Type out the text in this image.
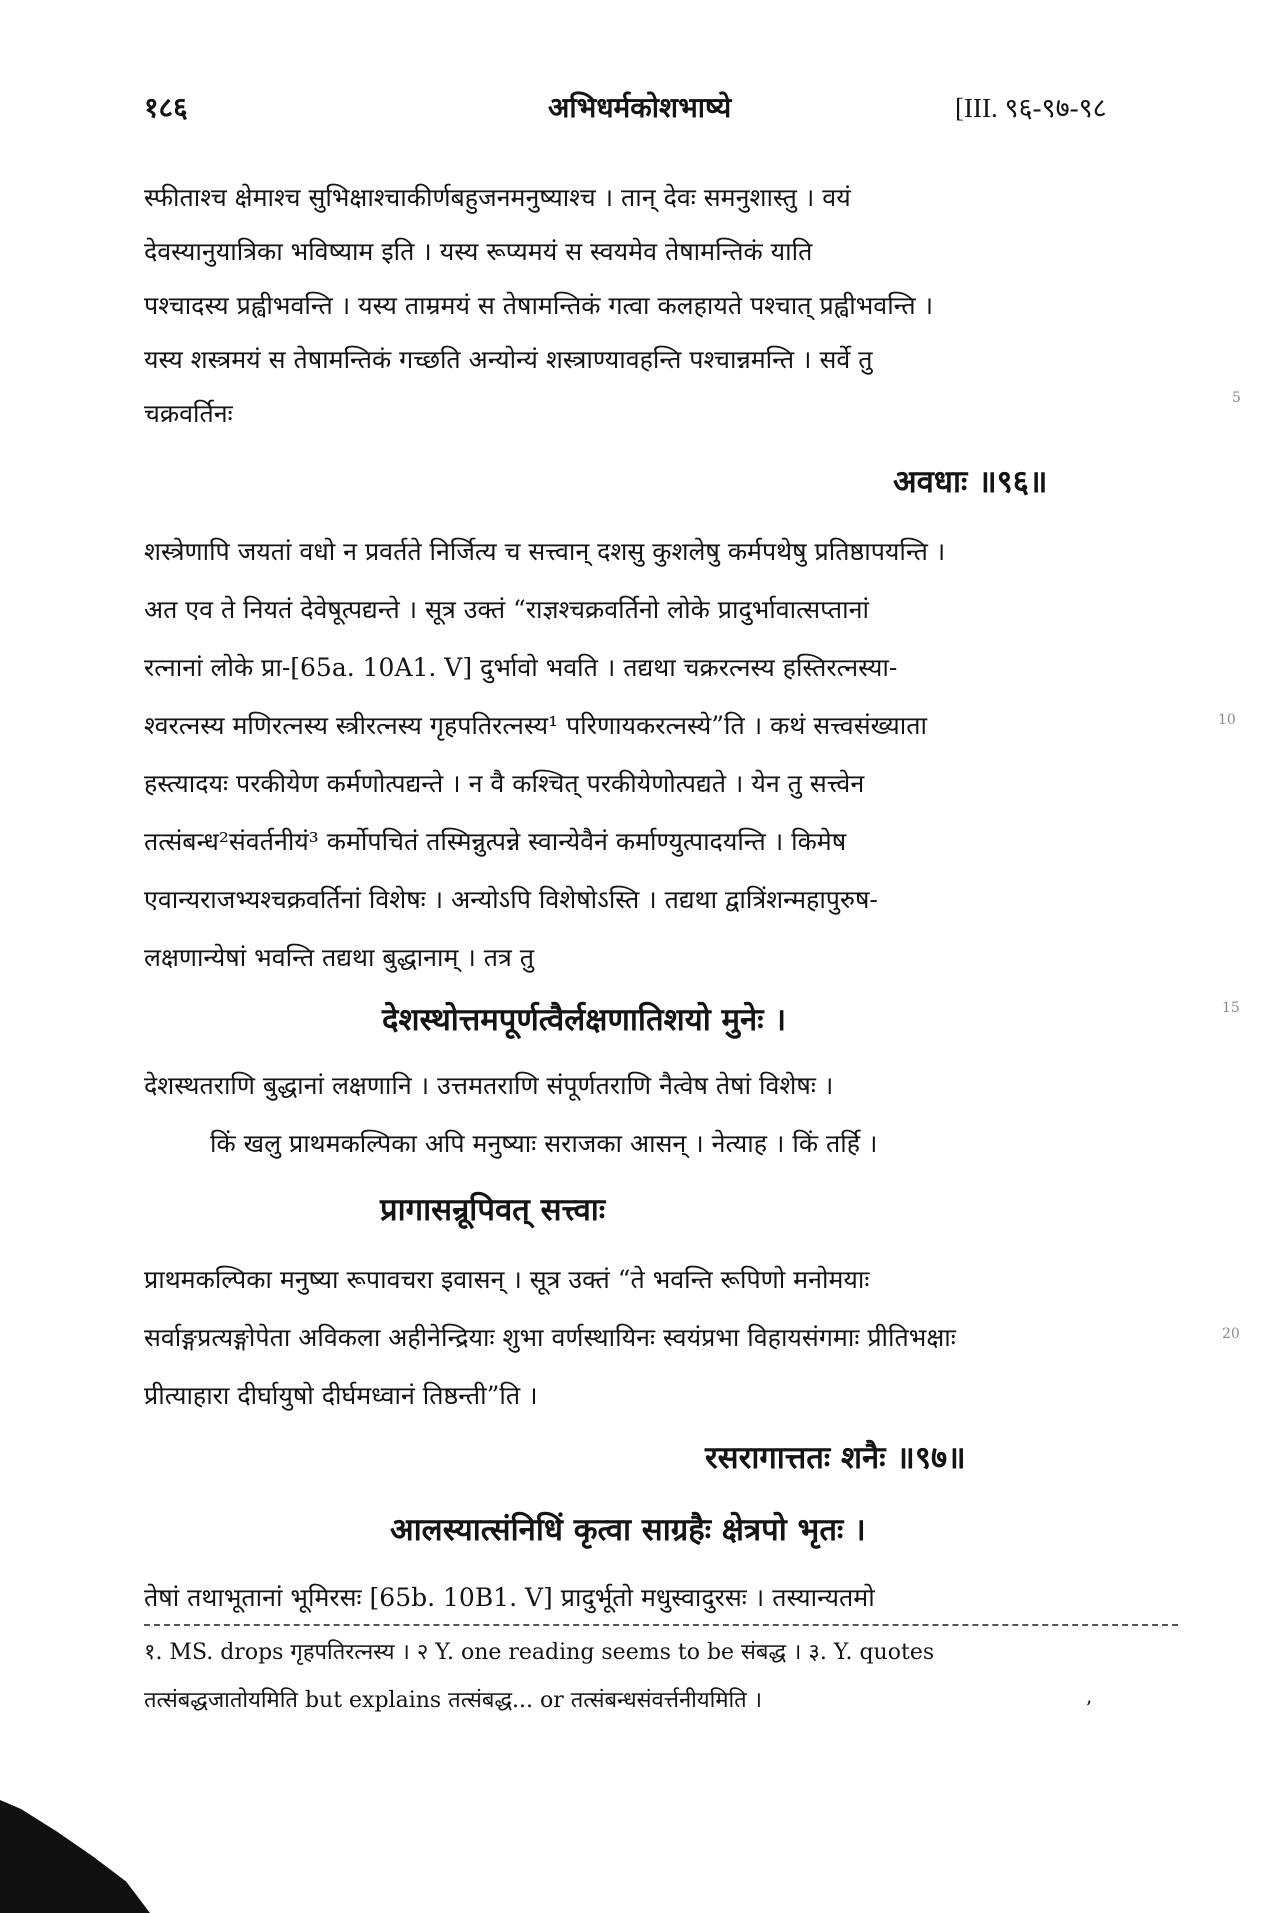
१८६	अभिधर्मकोशभाष्ये	[III. ९६-९७-९८
स्फीताश्च क्षेमाश्च सुभिक्षाश्चाकीर्णबहुजनमनुष्याश्च । तान् देवः समनुशास्तु । वयं
देवस्यानुयात्रिका भविष्याम इति । यस्य रूप्यमयं स स्वयमेव तेषामन्तिकं याति
पश्चादस्य प्रह्वीभवन्ति । यस्य ताम्रमयं स तेषामन्तिकं गत्वा कलहायते पश्चात् प्रह्वीभवन्ति ।
यस्य शस्त्रमयं स तेषामन्तिकं गच्छति अन्योन्यं शस्त्राण्यावहन्ति पश्चान्नमन्ति । सर्वे तु
चक्रवर्तिनः
अवधाः ॥९६॥
शस्त्रेणापि जयतां वधो न प्रवर्तते निर्जित्य च सत्त्वान् दशसु कुशलेषु कर्मपथेषु प्रतिष्ठापयन्ति ।
अत एव ते नियतं देवेषूत्पद्यन्ते । सूत्र उक्तं “राज्ञश्चक्रवर्तिनो लोके प्रादुर्भावात्सप्तानां
रत्नानां लोके प्रा-[65a. 10A1. V] दुर्भावो भवति । तद्यथा चक्ररत्नस्य हस्तिरत्नस्या-
श्वरत्नस्य मणिरत्नस्य स्त्रीरत्नस्य गृहपतिरत्नस्य¹ परिणायकरत्नस्ये”ति । कथं सत्त्वसंख्याता
हस्त्यादयः परकीयेण कर्मणोत्पद्यन्ते । न वै कश्चित् परकीयेणोत्पद्यते । येन तु सत्त्वेन
तत्संबन्ध²संवर्तनीयं³ कर्मोपचितं तस्मिन्नुत्पन्ने स्वान्येवैनं कर्माण्युत्पादयन्ति । किमेष
एवान्यराजभ्यश्चक्रवर्तिनां विशेषः । अन्योऽपि विशेषोऽस्ति । तद्यथा द्वात्रिंशन्महापुरुष-
लक्षणान्येषां भवन्ति तद्यथा बुद्धानाम् । तत्र तु
देशस्थोत्तमपूर्णत्वैर्लक्षणातिशयो मुनेः ।
देशस्थतराणि बुद्धानां लक्षणानि । उत्तमतराणि संपूर्णतराणि नैत्वेष तेषां विशेषः ।
किं खलु प्राथमकल्पिका अपि मनुष्याः सराजका आसन् । नेत्याह । किं तर्हि ।
प्रागासन्रूपिवत् सत्त्वाः
प्राथमकल्पिका मनुष्या रूपावचरा इवासन् । सूत्र उक्तं “ते भवन्ति रूपिणो मनोमयाः
सर्वाङ्गप्रत्यङ्गोपेता अविकला अहीनेन्द्रियाः शुभा वर्णस्थायिनः स्वयंप्रभा विहायसंगमाः प्रीतिभक्षाः
प्रीत्याहारा दीर्घायुषो दीर्घमध्वानं तिष्ठन्ती”ति ।
रसरागात्ततः शनैः ॥९७॥
आलस्यात्संनिधिं कृत्वा साग्रहैः क्षेत्रपो भृतः ।
तेषां तथाभूतानां भूमिरसः [65b. 10B1. V] प्रादुर्भूतो मधुस्वादुरसः । तस्यान्यतमो
१. MS. drops गृहपतिरत्नस्य । २ Y. one reading seems to be संबद्ध । ३. Y. quotes
तत्संबद्धजातोयमिति but explains तत्संबद्ध... or तत्संबन्धसंवर्त्तनीयमिति ।
5
10
15
20
ʼ
